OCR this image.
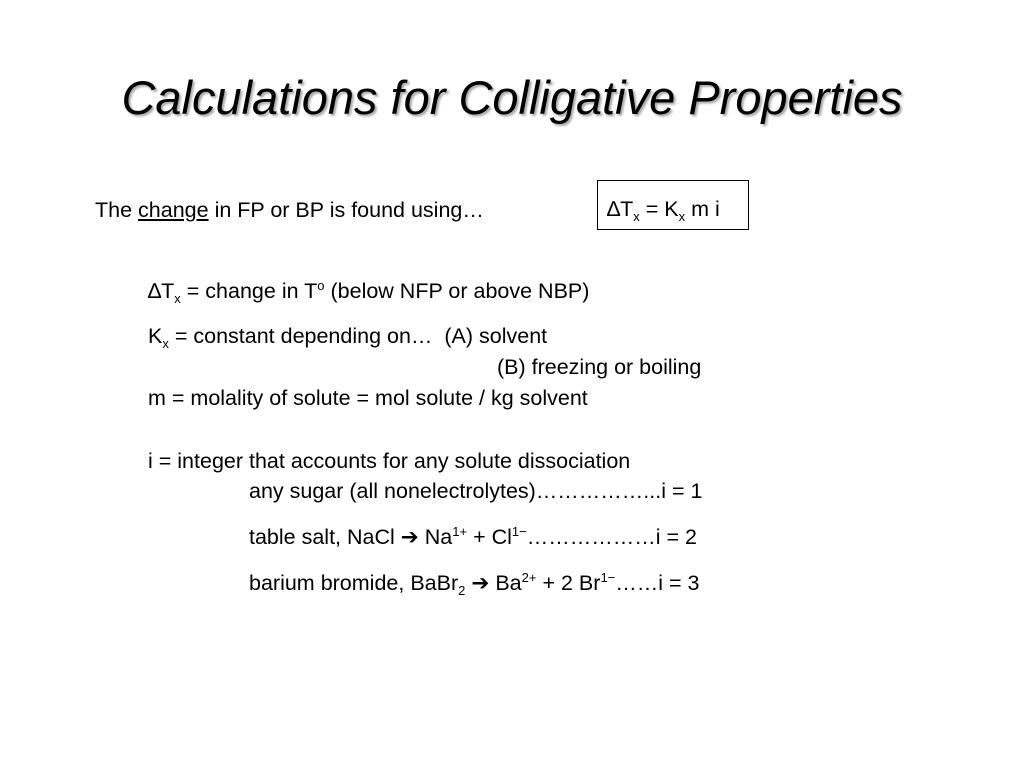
Calculations for Colligative Properties
The change in FP or BP is found using…	$\Delta T_x = K_x$ m i
$\Delta T_x$ = change in $T^o$ (below NFP or above NBP)
$K_x$ = constant depending on…  (A) solvent
(B) freezing or boiling
m = molality of solute = mol solute / kg solvent
i = integer that accounts for any solute dissociation
any sugar (all nonelectrolytes)……………...i = 1
table salt, NaCl ➔ $Na^{1+}$ + $Cl^{1-}\dots\dots\dots\dots\dots\dots i = 2$
barium bromide, BaBr$_2$ ➔ $Ba^{2+} + 2$ $Br^{1-}\dots\dots i = 3$
